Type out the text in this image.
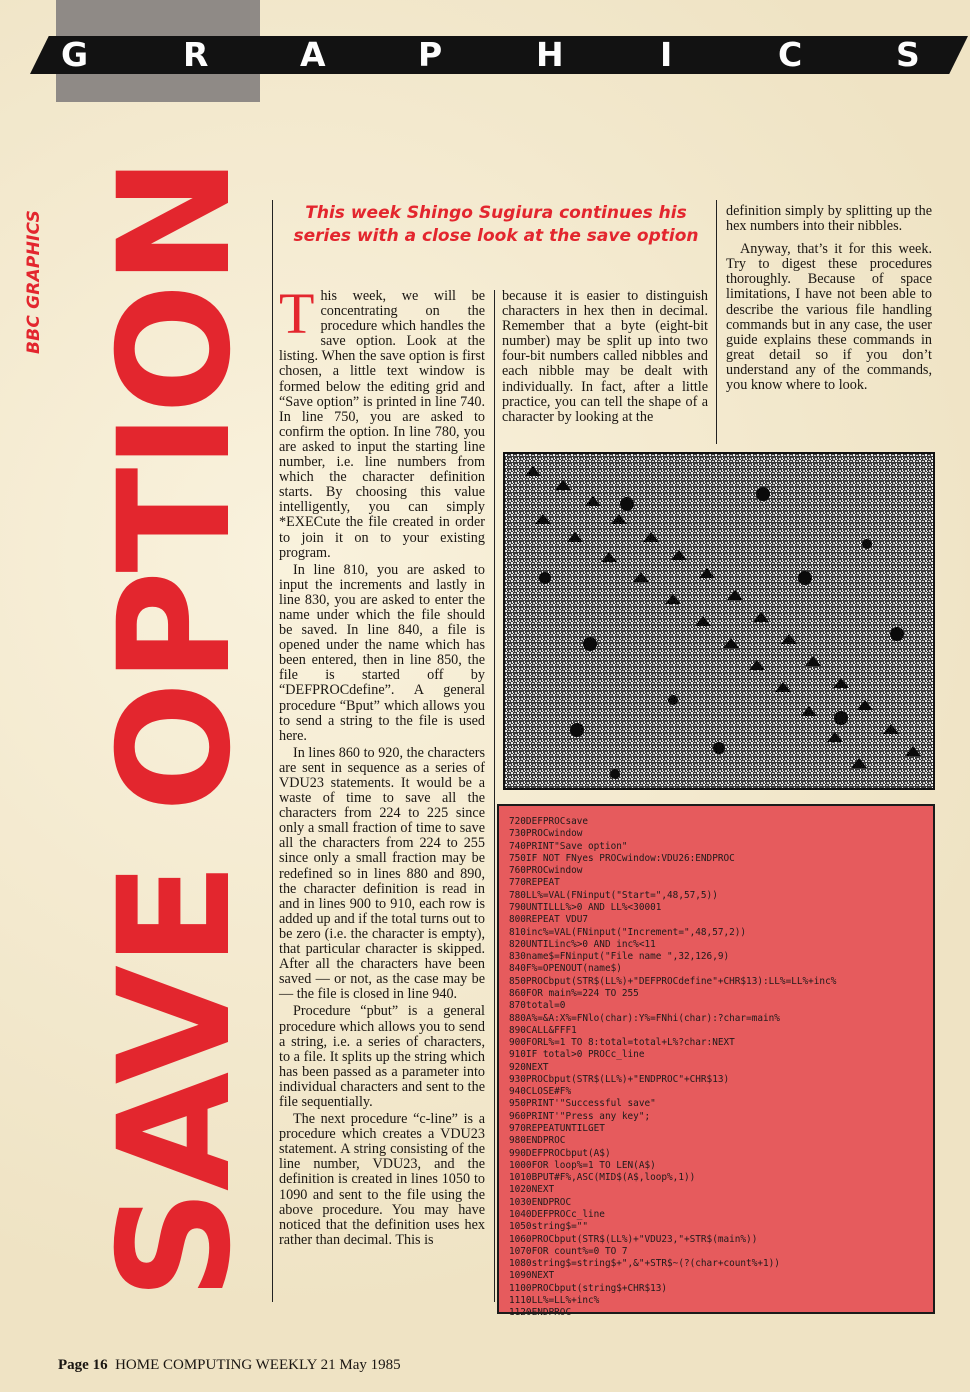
G	R	A	P	H	I	C	S
BBC GRAPHICS SAVE OPTION	This week Shingo Sugiura continues his series with a close look at the save option

This week, we will be concentrating on the procedure which handles the save option. Look at the listing. When the save option is first chosen, a little text window is formed below the editing grid and “Save option” is printed in line 740. In line 750, you are asked to confirm the option. In line 780, you are asked to input the starting line number, i.e. line numbers from which the character definition starts. By choosing this value intelligently, you can simply *EXECute the file created in order to join it on to your existing program.

In line 810, you are asked to input the increments and lastly in line 830, you are asked to enter the name under which the file should be saved. In line 840, a file is opened under the name which has been entered, then in line 850, the file is started off by “DEFPROCdefine”. A general procedure “Bput” which allows you to send a string to the file is used here.

In lines 860 to 920, the characters are sent in sequence as a series of VDU23 statements. It would be a waste of time to save all the characters from 224 to 225 since only a small fraction of time to save all the characters from 224 to 255 since only a small fraction may be redefined so in lines 880 and 890, the character definition is read in and in lines 900 to 910, each row is added up and if the total turns out to be zero (i.e. the character is empty), that particular character is skipped. After all the characters have been saved — or not, as the case may be — the file is closed in line 940.

Procedure “pbut” is a general procedure which allows you to send a string, i.e. a series of characters, to a file. It splits up the string which has been passed as a parameter into individual characters and sent to the file sequentially.

The next procedure “c-line” is a procedure which creates a VDU23 statement. A string consisting of the line number, VDU23, and the definition is created in lines 1050 to 1090 and sent to the file using the above procedure. You may have noticed that the definition uses hex rather than decimal. This is

because it is easier to distinguish characters in hex then in decimal. Remember that a byte (eight-bit number) may be split up into two four-bit numbers called nibbles and each nibble may be dealt with individually. In fact, after a little practice, you can tell the shape of a character by looking at the

definition simply by splitting up the hex numbers into their nibbles.

Anyway, that’s it for this week. Try to digest these procedures thoroughly. Because of space limitations, I have not been able to describe the various file handling commands but in any case, the user guide explains these commands in great detail so if you don’t understand any of the commands, you know where to look.

720DEFPROCsave
730PROCwindow
740PRINT"Save option"
750IF NOT FNyes PROCwindow:VDU26:ENDPROC
760PROCwindow
770REPEAT
780LL%=VAL(FNinput("Start=",48,57,5))
790UNTILLL%>0 AND LL%<30001
800REPEAT VDU7
810inc%=VAL(FNinput("Increment=",48,57,2))
820UNTILinc%>0 AND inc%<11
830name$=FNinput("File name ",32,126,9)
840F%=OPENOUT(name$)
850PROCbput(STR$(LL%)+"DEFPROCdefine"+CHR$13):LL%=LL%+inc%
860FOR main%=224 TO 255
870total=0
880A%=&A:X%=FNlo(char):Y%=FNhi(char):?char=main%
890CALL&FFF1
900FORL%=1 TO 8:total=total+L%?char:NEXT
910IF total>0 PROCc_line
920NEXT
930PROCbput(STR$(LL%)+"ENDPROC"+CHR$13)
940CLOSE#F%
950PRINT'"Successful save"
960PRINT'"Press any key";
970REPEATUNTILGET
980ENDPROC
990DEFPROCbput(A$)
1000FOR loop%=1 TO LEN(A$)
1010BPUT#F%,ASC(MID$(A$,loop%,1))
1020NEXT
1030ENDPROC
1040DEFPROCc_line
1050string$=""
1060PROCbput(STR$(LL%)+"VDU23,"+STR$(main%))
1070FOR count%=0 TO 7
1080string$=string$+",&"+STR$~(?(char+count%+1))
1090NEXT
1100PROCbput(string$+CHR$13)
1110LL%=LL%+inc%
1120ENDPROC
Page 16 HOME COMPUTING WEEKLY 21 May 1985
